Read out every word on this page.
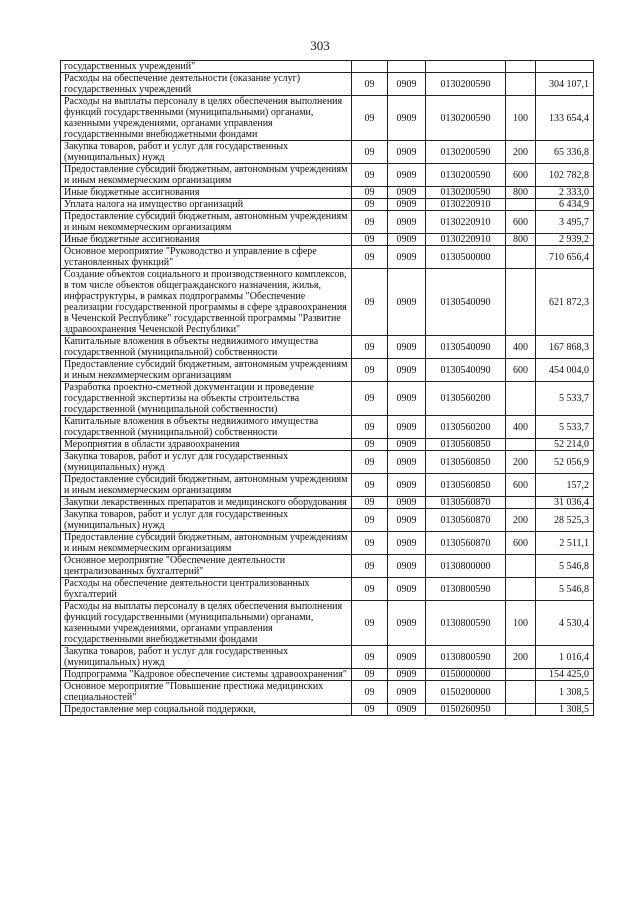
303
государственных учреждений"					
Расходы на обеспечение деятельности (оказание услуг) государственных учреждений	09	0909	0130200590		304 107,1
Расходы на выплаты персоналу в целях обеспечения выполнения функций государственными (муниципальными) органами, казенными учреждениями, органами управления государственными внебюджетными фондами	09	0909	0130200590	100	133 654,4
Закупка товаров, работ и услуг для государственных (муниципальных) нужд	09	0909	0130200590	200	65 336,8
Предоставление субсидий бюджетным, автономным учреждениям и иным некоммерческим организациям	09	0909	0130200590	600	102 782,8
Иные бюджетные ассигнования	09	0909	0130200590	800	2 333,0
Уплата налога на имущество организаций	09	0909	0130220910		6 434,9
Предоставление субсидий бюджетным, автономным учреждениям и иным некоммерческим организациям	09	0909	0130220910	600	3 495,7
Иные бюджетные ассигнования	09	0909	0130220910	800	2 939,2
Основное мероприятие "Руководство и управление в сфере установленных функций"	09	0909	0130500000		710 656,4
Создание объектов социального и производственного комплексов, в том числе объектов общегражданского назначения, жилья, инфраструктуры, в рамках подпрограммы "Обеспечение реализации государственной программы в сфере здравоохранения в Чеченской Республике" государственной программы "Развитие здравоохранения Чеченской Республики"	09	0909	0130540090		621 872,3
Капитальные вложения в объекты недвижимого имущества государственной (муниципальной) собственности	09	0909	0130540090	400	167 868,3
Предоставление субсидий бюджетным, автономным учреждениям и иным некоммерческим организациям	09	0909	0130540090	600	454 004,0
Разработка проектно-сметной документации и проведение государственной экспертизы на объекты строительства государственной (муниципальной собственности)	09	0909	0130560200		5 533,7
Капитальные вложения в объекты недвижимого имущества государственной (муниципальной) собственности	09	0909	0130560200	400	5 533,7
Мероприятия в области здравоохранения	09	0909	0130560850		52 214,0
Закупка товаров, работ и услуг для государственных (муниципальных) нужд	09	0909	0130560850	200	52 056,9
Предоставление субсидий бюджетным, автономным учреждениям и иным некоммерческим организациям	09	0909	0130560850	600	157,2
Закупки лекарственных препаратов и медицинского оборудования	09	0909	0130560870		31 036,4
Закупка товаров, работ и услуг для государственных (муниципальных) нужд	09	0909	0130560870	200	28 525,3
Предоставление субсидий бюджетным, автономным учреждениям и иным некоммерческим организациям	09	0909	0130560870	600	2 511,1
Основное мероприятие "Обеспечение деятельности централизованных бухгалтерий"	09	0909	0130800000		5 546,8
Расходы на обеспечение деятельности централизованных бухгалтерий	09	0909	0130800590		5 546,8
Расходы на выплаты персоналу в целях обеспечения выполнения функций государственными (муниципальными) органами, казенными учреждениями, органами управления государственными внебюджетными фондами	09	0909	0130800590	100	4 530,4
Закупка товаров, работ и услуг для государственных (муниципальных) нужд	09	0909	0130800590	200	1 016,4
Подпрограмма "Кадровое обеспечение системы здравоохранения"	09	0909	0150000000		154 425,0
Основное мероприятие "Повышение престижа медицинских специальностей"	09	0909	0150200000		1 308,5
Предоставление мер социальной поддержки,	09	0909	0150260950		1 308,5
